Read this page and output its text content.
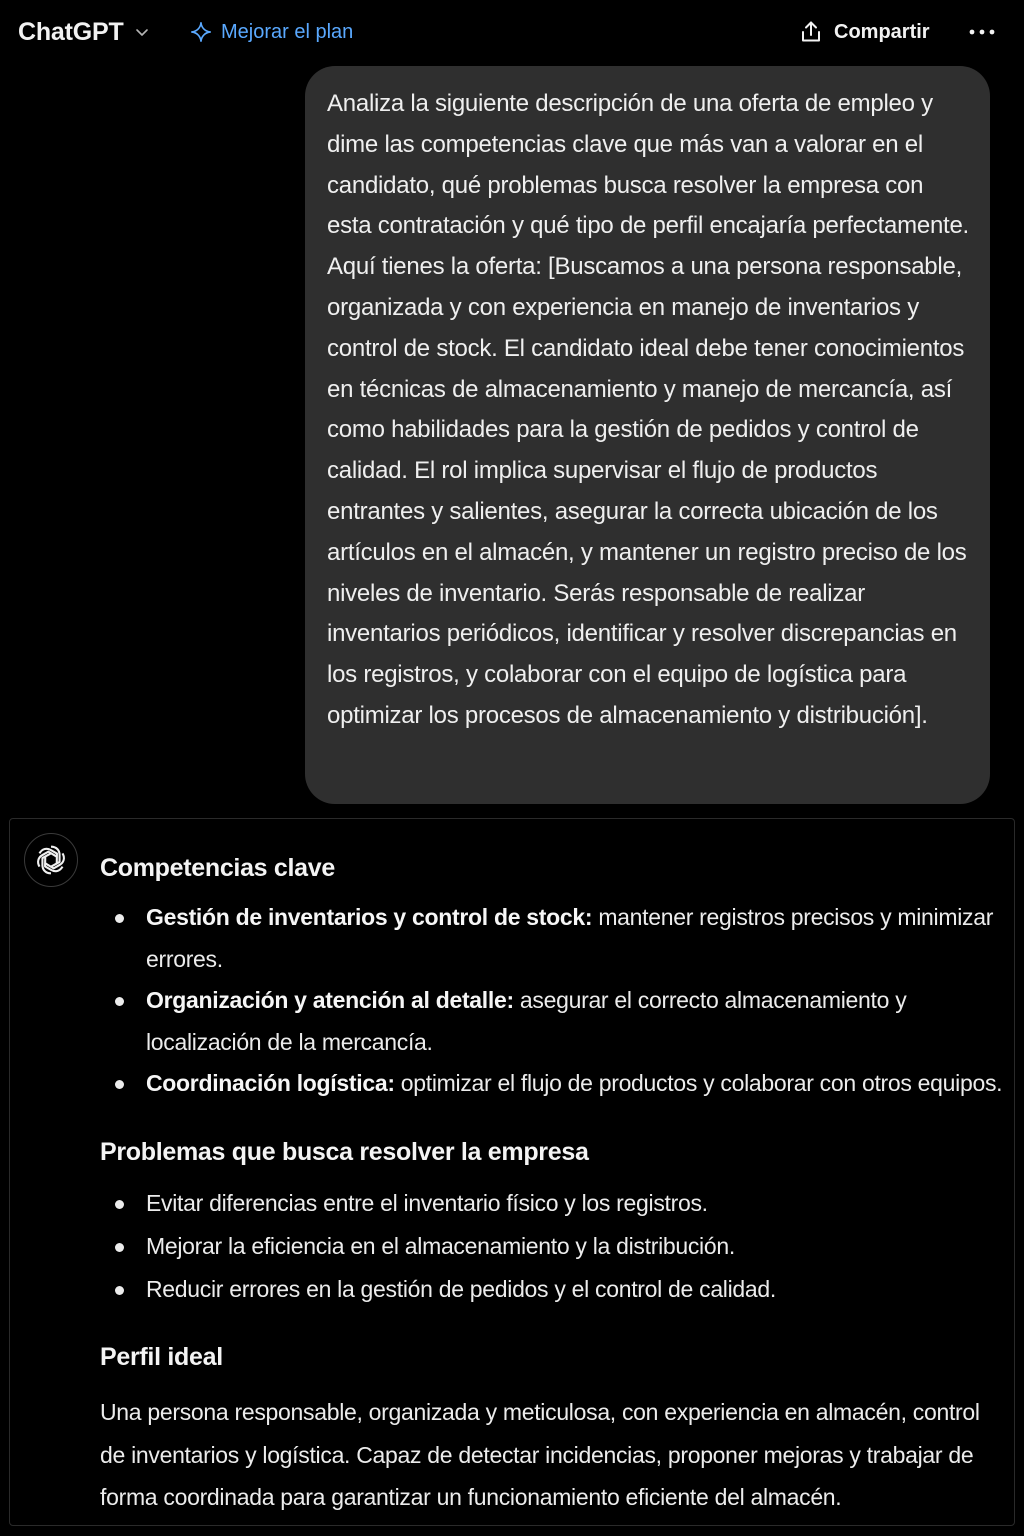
ChatGPT	Mejorar el plan	Compartir

Analiza la siguiente descripción de una oferta de empleo y dime las competencias clave que más van a valorar en el candidato, qué problemas busca resolver la empresa con esta contratación y qué tipo de perfil encajaría perfectamente. Aquí tienes la oferta: [Buscamos a una persona responsable, organizada y con experiencia en manejo de inventarios y control de stock. El candidato ideal debe tener conocimientos en técnicas de almacenamiento y manejo de mercancía, así como habilidades para la gestión de pedidos y control de calidad. El rol implica supervisar el flujo de productos entrantes y salientes, asegurar la correcta ubicación de los artículos en el almacén, y mantener un registro preciso de los niveles de inventario. Serás responsable de realizar inventarios periódicos, identificar y resolver discrepancias en los registros, y colaborar con el equipo de logística para optimizar los procesos de almacenamiento y distribución].

Competencias clave
Gestión de inventarios y control de stock: mantener registros precisos y minimizar errores.
Organización y atención al detalle: asegurar el correcto almacenamiento y localización de la mercancía.
Coordinación logística: optimizar el flujo de productos y colaborar con otros equipos.
Problemas que busca resolver la empresa
Evitar diferencias entre el inventario físico y los registros.
Mejorar la eficiencia en el almacenamiento y la distribución.
Reducir errores en la gestión de pedidos y el control de calidad.
Perfil ideal

Una persona responsable, organizada y meticulosa, con experiencia en almacén, control de inventarios y logística. Capaz de detectar incidencias, proponer mejoras y trabajar de forma coordinada para garantizar un funcionamiento eficiente del almacén.
